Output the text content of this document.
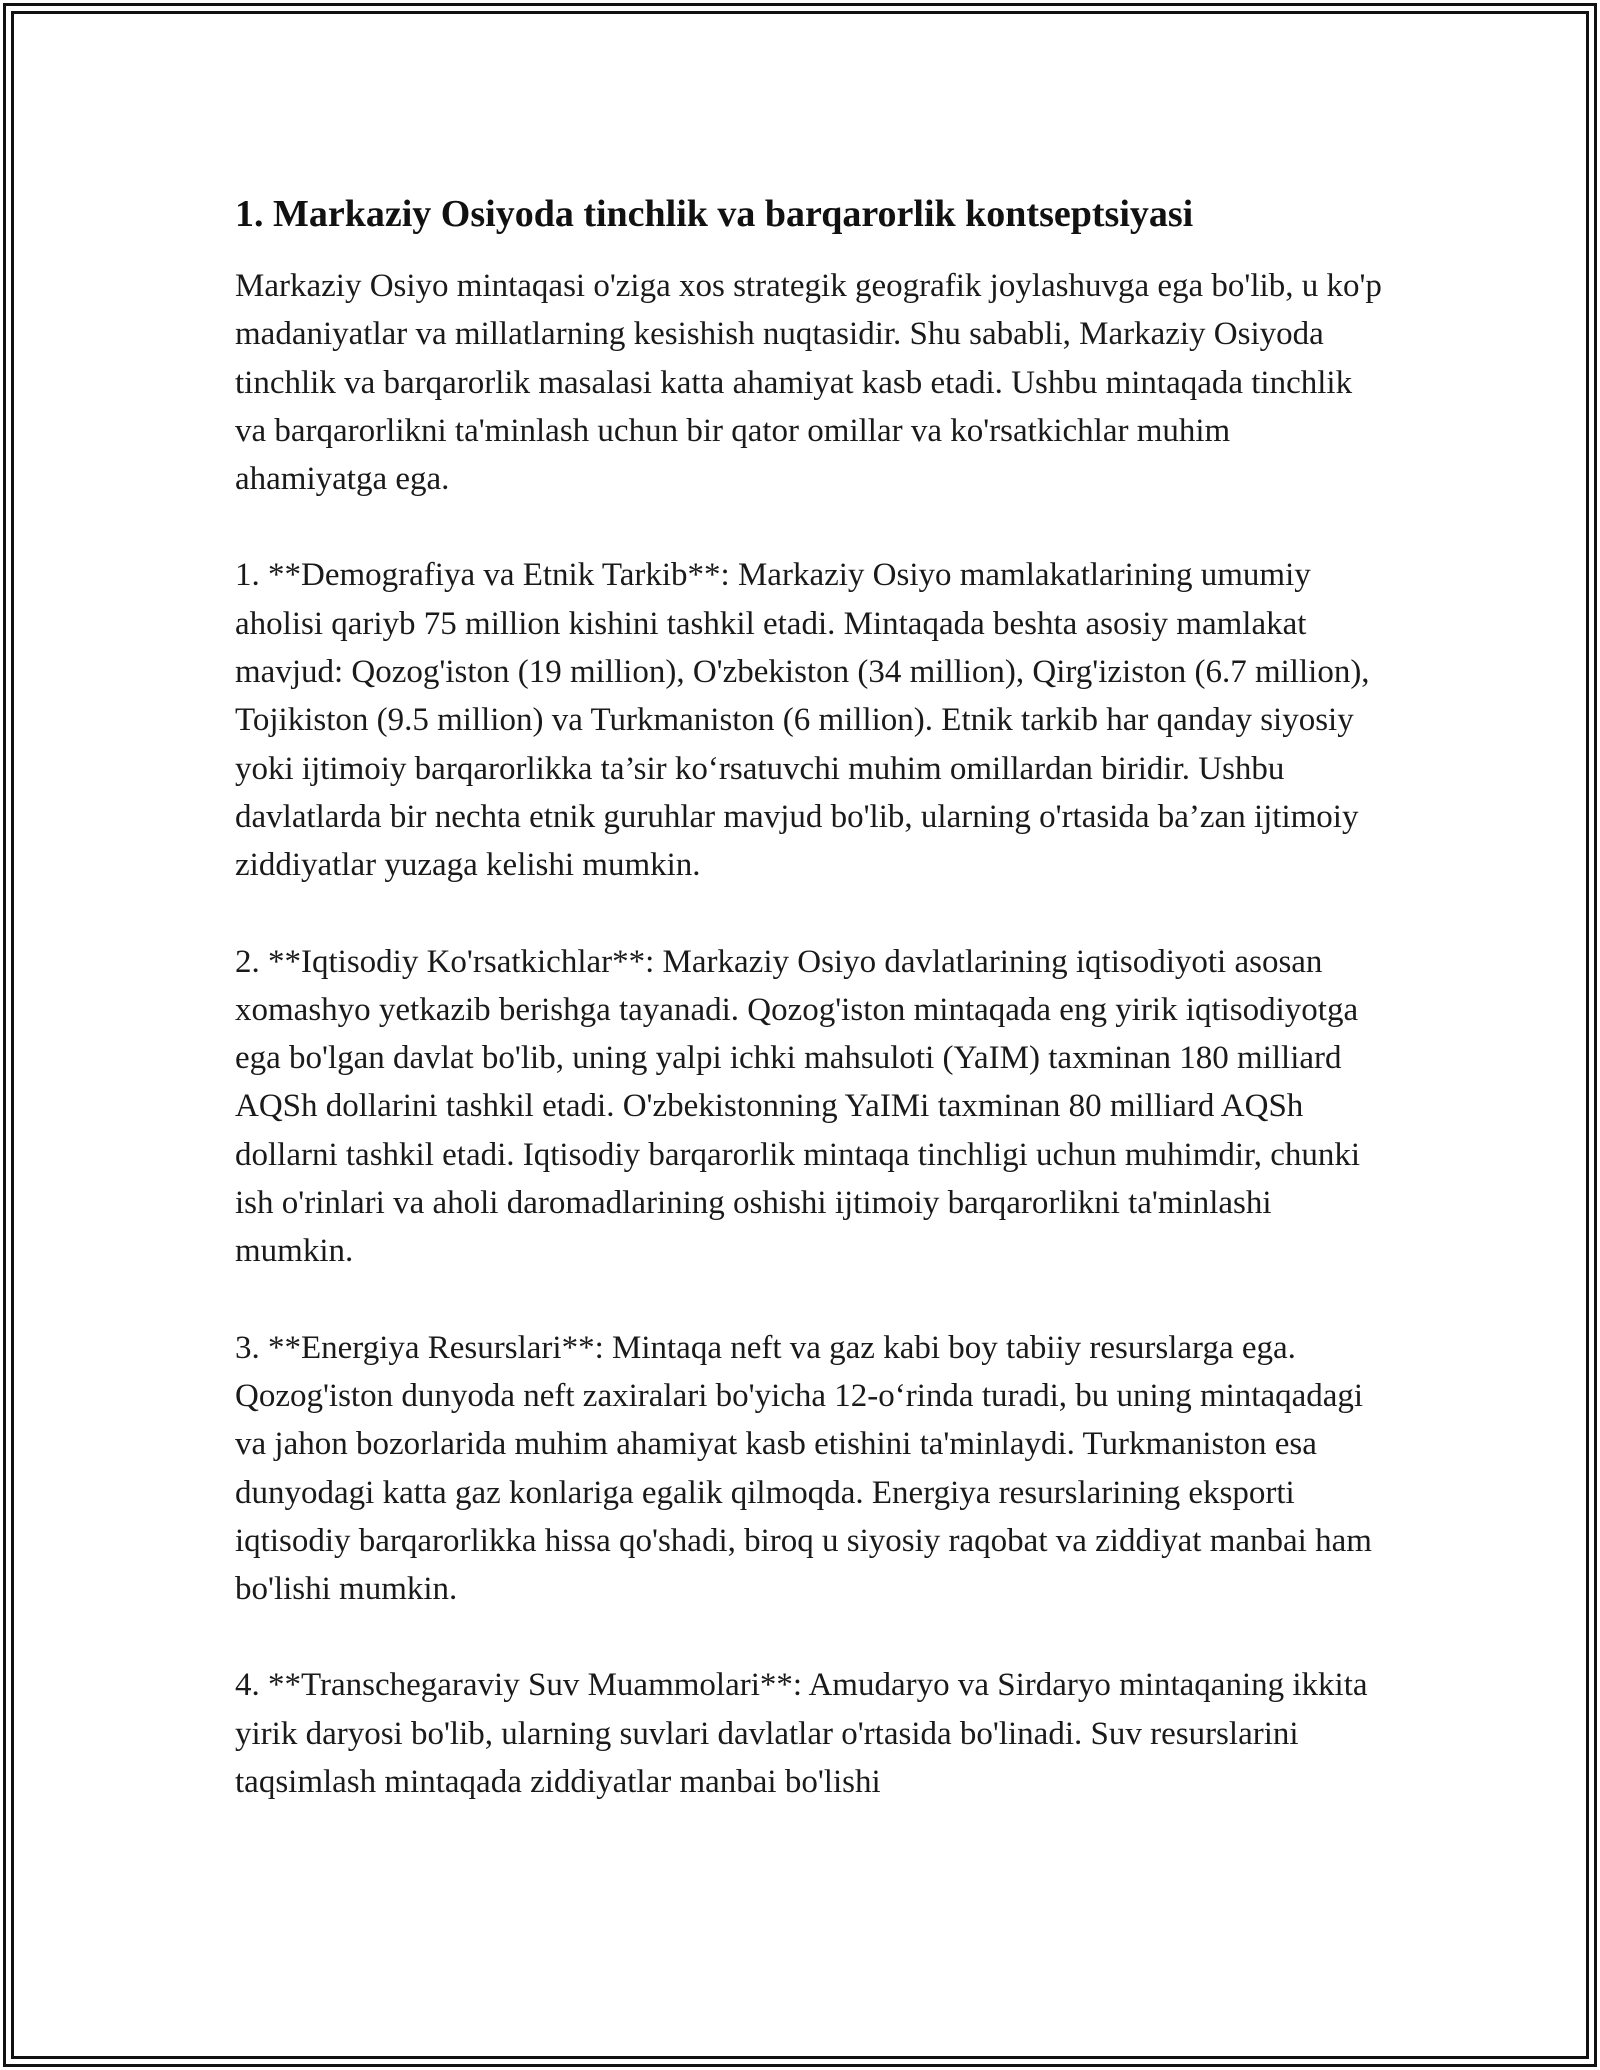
1. Markaziy Osiyoda tinchlik va barqarorlik kontseptsiyasi

Markaziy Osiyo mintaqasi o'ziga xos strategik geografik joylashuvga ega bo'lib, u ko'p madaniyatlar va millatlarning kesishish nuqtasidir. Shu sababli, Markaziy Osiyoda tinchlik va barqarorlik masalasi katta ahamiyat kasb etadi. Ushbu mintaqada tinchlik va barqarorlikni ta'minlash uchun bir qator omillar va ko'rsatkichlar muhim ahamiyatga ega.

1. **Demografiya va Etnik Tarkib**: Markaziy Osiyo mamlakatlarining umumiy aholisi qariyb 75 million kishini tashkil etadi. Mintaqada beshta asosiy mamlakat mavjud: Qozog'iston (19 million), O'zbekiston (34 million), Qirg'iziston (6.7 million), Tojikiston (9.5 million) va Turkmaniston (6 million). Etnik tarkib har qanday siyosiy yoki ijtimoiy barqarorlikka ta’sir ko‘rsatuvchi muhim omillardan biridir. Ushbu davlatlarda bir nechta etnik guruhlar mavjud bo'lib, ularning o'rtasida ba’zan ijtimoiy ziddiyatlar yuzaga kelishi mumkin.

2. **Iqtisodiy Ko'rsatkichlar**: Markaziy Osiyo davlatlarining iqtisodiyoti asosan xomashyo yetkazib berishga tayanadi. Qozog'iston mintaqada eng yirik iqtisodiyotga ega bo'lgan davlat bo'lib, uning yalpi ichki mahsuloti (YaIM) taxminan 180 milliard AQSh dollarini tashkil etadi. O'zbekistonning YaIMi taxminan 80 milliard AQSh dollarni tashkil etadi. Iqtisodiy barqarorlik mintaqa tinchligi uchun muhimdir, chunki ish o'rinlari va aholi daromadlarining oshishi ijtimoiy barqarorlikni ta'minlashi mumkin.

3. **Energiya Resurslari**: Mintaqa neft va gaz kabi boy tabiiy resurslarga ega. Qozog'iston dunyoda neft zaxiralari bo'yicha 12-o‘rinda turadi, bu uning mintaqadagi va jahon bozorlarida muhim ahamiyat kasb etishini ta'minlaydi. Turkmaniston esa dunyodagi katta gaz konlariga egalik qilmoqda. Energiya resurslarining eksporti iqtisodiy barqarorlikka hissa qo'shadi, biroq u siyosiy raqobat va ziddiyat manbai ham bo'lishi mumkin.

4. **Transchegaraviy Suv Muammolari**: Amudaryo va Sirdaryo mintaqaning ikkita yirik daryosi bo'lib, ularning suvlari davlatlar o'rtasida bo'linadi. Suv resurslarini taqsimlash mintaqada ziddiyatlar manbai bo'lishi
